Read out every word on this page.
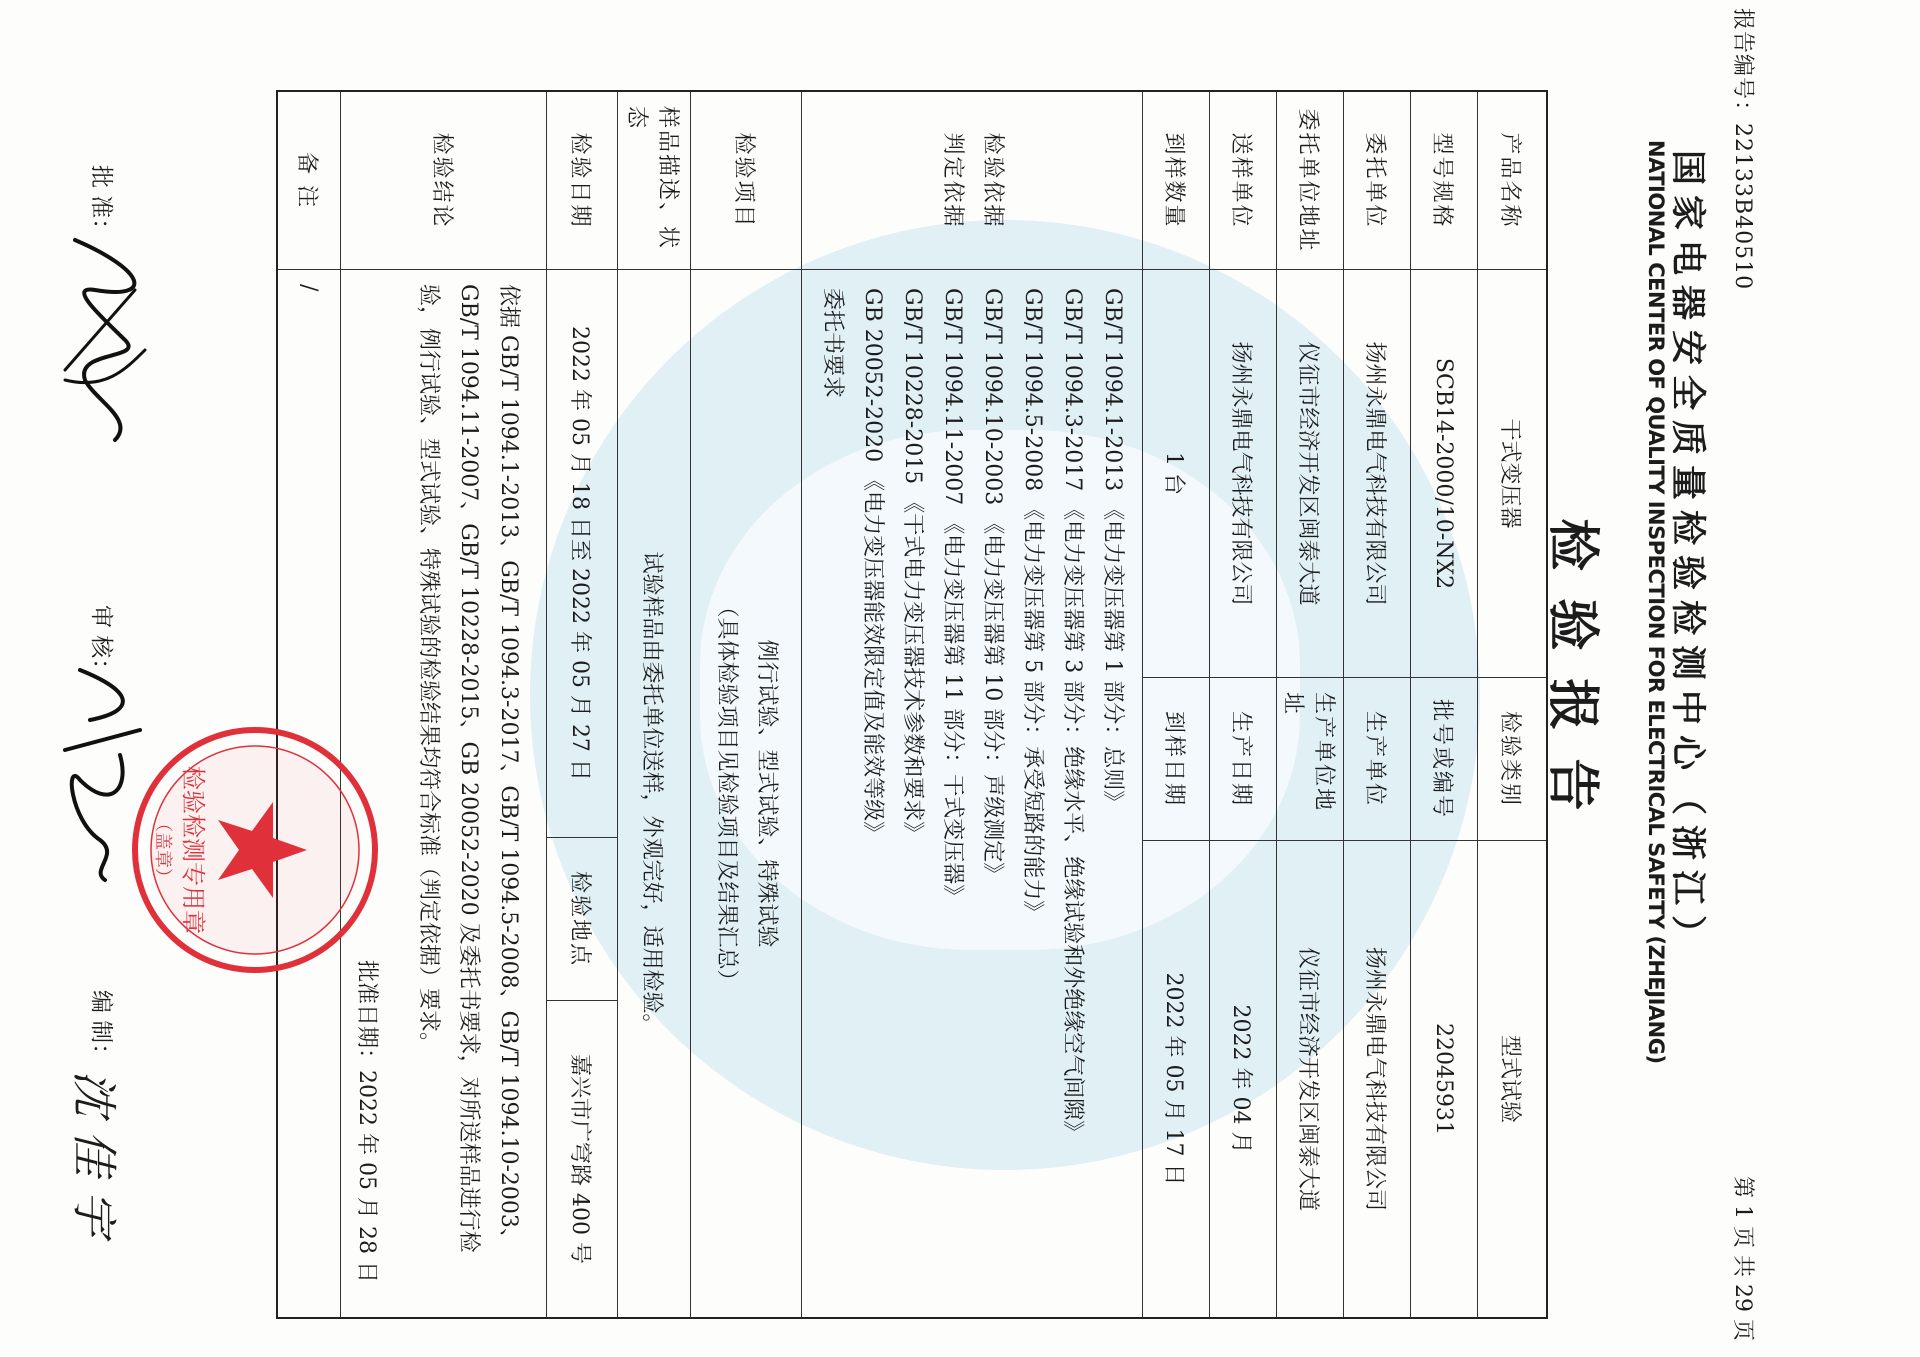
报告编号：22133B40510
第 1 页 共 29 页
国家电器安全质量检验检测中心（浙江）
NATIONAL CENTER OF QUALITY INSPECTION FOR ELECTRICAL SAFETY (ZHEJIANG)
检验报告
产品名称
干式变压器
检验类别
型式试验
型号规格
SCB14-2000/10-NX2
批号或编号
22045931
委托单位
扬州永鼎电气科技有限公司
生产单位
扬州永鼎电气科技有限公司
委托单位地址
仪征市经济开发区闽泰大道
生产单位地址
仪征市经济开发区闽泰大道
送样单位
扬州永鼎电气科技有限公司
生产日期
2022 年 04 月
到样数量
1 台
到样日期
2022 年 05 月 17 日
检验依据
判定依据
GB/T 1094.1-2013 《电力变压器第 1 部分：总则》
GB/T 1094.3-2017 《电力变压器第 3 部分：绝缘水平、绝缘试验和外绝缘空气间隙》
GB/T 1094.5-2008 《电力变压器第 5 部分：承受短路的能力》
GB/T 1094.10-2003 《电力变压器第 10 部分：声级测定》
GB/T 1094.11-2007 《电力变压器第 11 部分：干式变压器》
GB/T 10228-2015 《干式电力变压器技术参数和要求》
GB 20052-2020 《电力变压器能效限定值及能效等级》
委托书要求
检验项目
例行试验、型式试验、特殊试验
（具体检验项目见检验项目及结果汇总）
样品描述、状态
试验样品由委托单位送样，外观完好，适用检验。
检验日期
2022 年 05 月 18 日至 2022 年 05 月 27 日
检验地点
嘉兴市广穹路 400 号
检验结论
依据 GB/T 1094.1-2013、GB/T 1094.3-2017、GB/T 1094.5-2008、GB/T 1094.10-2003、
GB/T 1094.11-2007、GB/T 10228-2015、GB 20052-2020 及委托书要求，对所送样品进行检
验，例行试验、型式试验、特殊试验的检验结果均符合标准（判定依据）要求。
批准日期：2022 年 05 月 28 日
备 注
/
检验检测专用章
（盖章）
批 准：
审 核：
编 制：
沈佳宇
